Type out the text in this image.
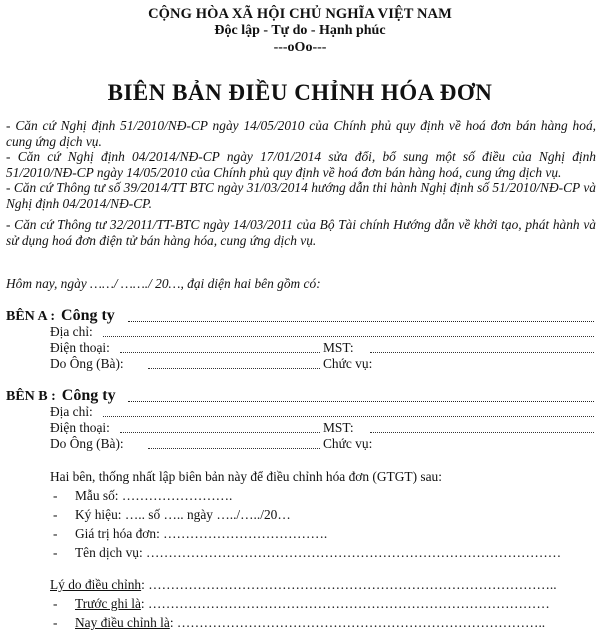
CỘNG HÒA XÃ HỘI CHỦ NGHĨA VIỆT NAM
Độc lập - Tự do - Hạnh phúc
---oOo---
BIÊN BẢN ĐIỀU CHỈNH HÓA ĐƠN

- Căn cứ Nghị định 51/2010/NĐ-CP ngày 14/05/2010 của Chính phủ quy định về hoá đơn bán hàng hoá, cung ứng dịch vụ.

- Căn cứ Nghị định 04/2014/NĐ-CP ngày 17/01/2014 sửa đổi, bổ sung một số điều của Nghị định 51/2010/NĐ-CP ngày 14/05/2010 của Chính phủ quy định về hoá đơn bán hàng hoá, cung ứng dịch vụ.

- Căn cứ Thông tư số 39/2014/TT BTC ngày 31/03/2014 hướng dẫn thi hành Nghị định số 51/2010/NĐ-CP và Nghị định 04/2014/NĐ-CP.

- Căn cứ Thông tư 32/2011/TT-BTC ngày 14/03/2011 của Bộ Tài chính Hướng dẫn về khởi tạo, phát hành và sử dụng hoá đơn điện tử bán hàng hóa, cung ứng dịch vụ.

Hôm nay, ngày ……/ ……./ 20…, đại diện hai bên gồm có:
BÊN A : Công ty
Địa chỉ:
Điện thoại:	MST:
Do Ông (Bà):	Chức vụ:
BÊN B : Công ty
Địa chỉ:
Điện thoại:	MST:
Do Ông (Bà):	Chức vụ:
Hai bên, thống nhất lập biên bản này để điều chỉnh hóa đơn (GTGT) sau:
- Mẫu số: …………………….
- Ký hiệu: ….. số ….. ngày …../…../20…
- Giá trị hóa đơn: ……………………………….
- Tên dịch vụ: …………………………………………………………………………………
Lý do điều chỉnh: ………………………………………………………………………………..
- Trước ghi là: ………………………………………………………………………………
- Nay điều chỉnh là: ………………………………………………………………………..
